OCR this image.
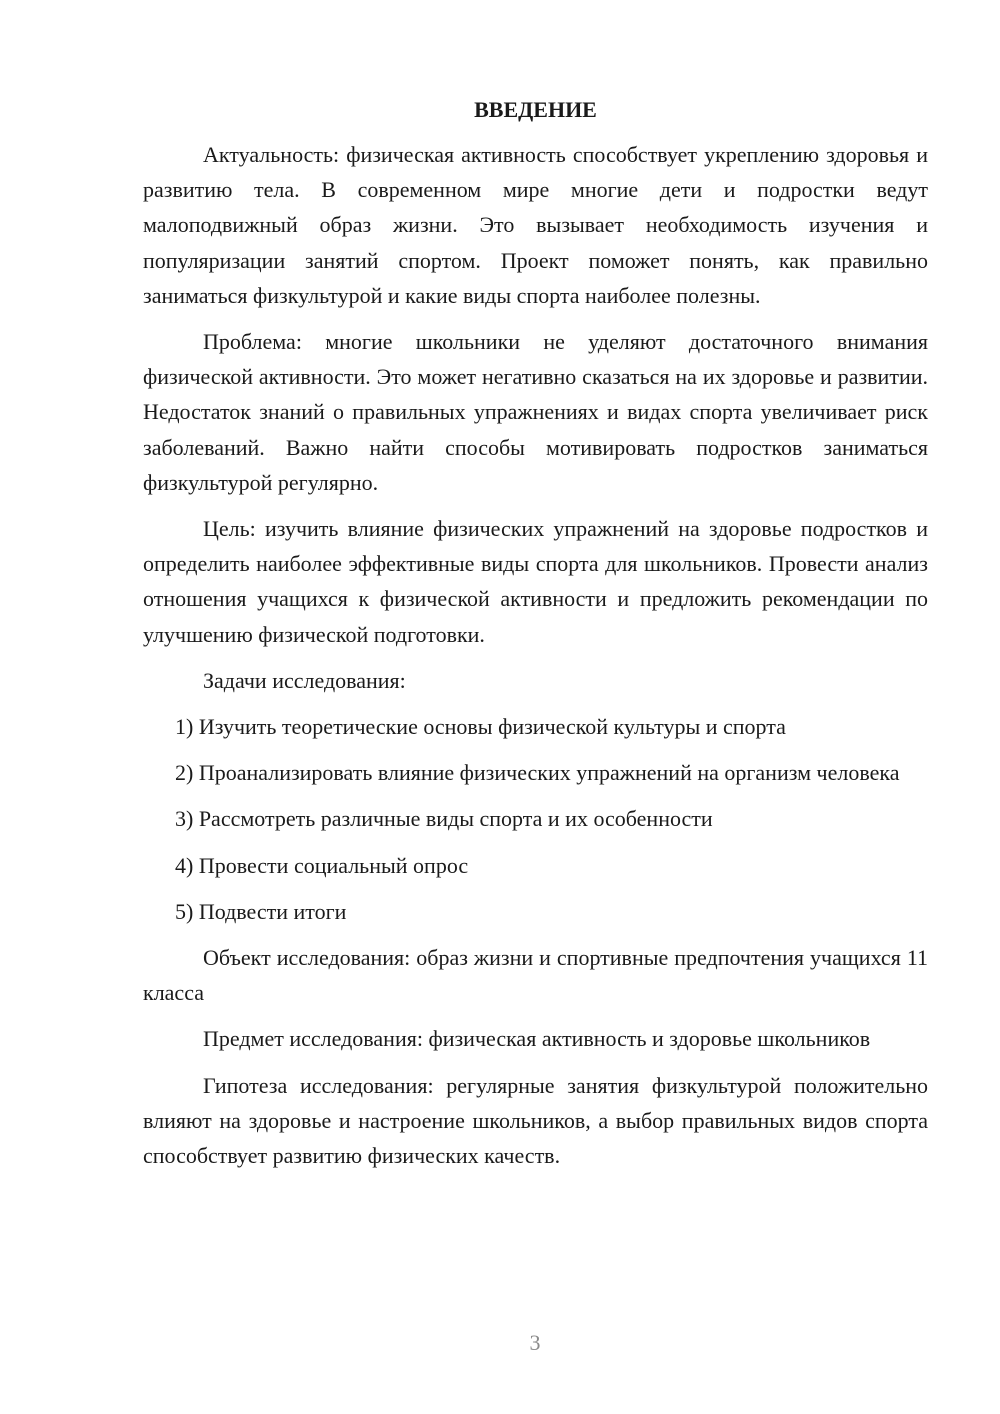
ВВЕДЕНИЕ

Актуальность: физическая активность способствует укреплению здоровья и развитию тела. В современном мире многие дети и подростки ведут малоподвижный образ жизни. Это вызывает необходимость изучения и популяризации занятий спортом. Проект поможет понять, как правильно заниматься физкультурой и какие виды спорта наиболее полезны.

Проблема: многие школьники не уделяют достаточного внимания физической активности. Это может негативно сказаться на их здоровье и развитии. Недостаток знаний о правильных упражнениях и видах спорта увеличивает риск заболеваний. Важно найти способы мотивировать подростков заниматься физкультурой регулярно.

Цель: изучить влияние физических упражнений на здоровье подростков и определить наиболее эффективные виды спорта для школьников. Провести анализ отношения учащихся к физической активности и предложить рекомендации по улучшению физической подготовки.

Задачи исследования:

1) Изучить теоретические основы физической культуры и спорта

2) Проанализировать влияние физических упражнений на организм человека

3) Рассмотреть различные виды спорта и их особенности

4) Провести социальный опрос

5) Подвести итоги

Объект исследования: образ жизни и спортивные предпочтения учащихся 11 класса

Предмет исследования: физическая активность и здоровье школьников

Гипотеза исследования: регулярные занятия физкультурой положительно влияют на здоровье и настроение школьников, а выбор правильных видов спорта способствует развитию физических качеств.

3
